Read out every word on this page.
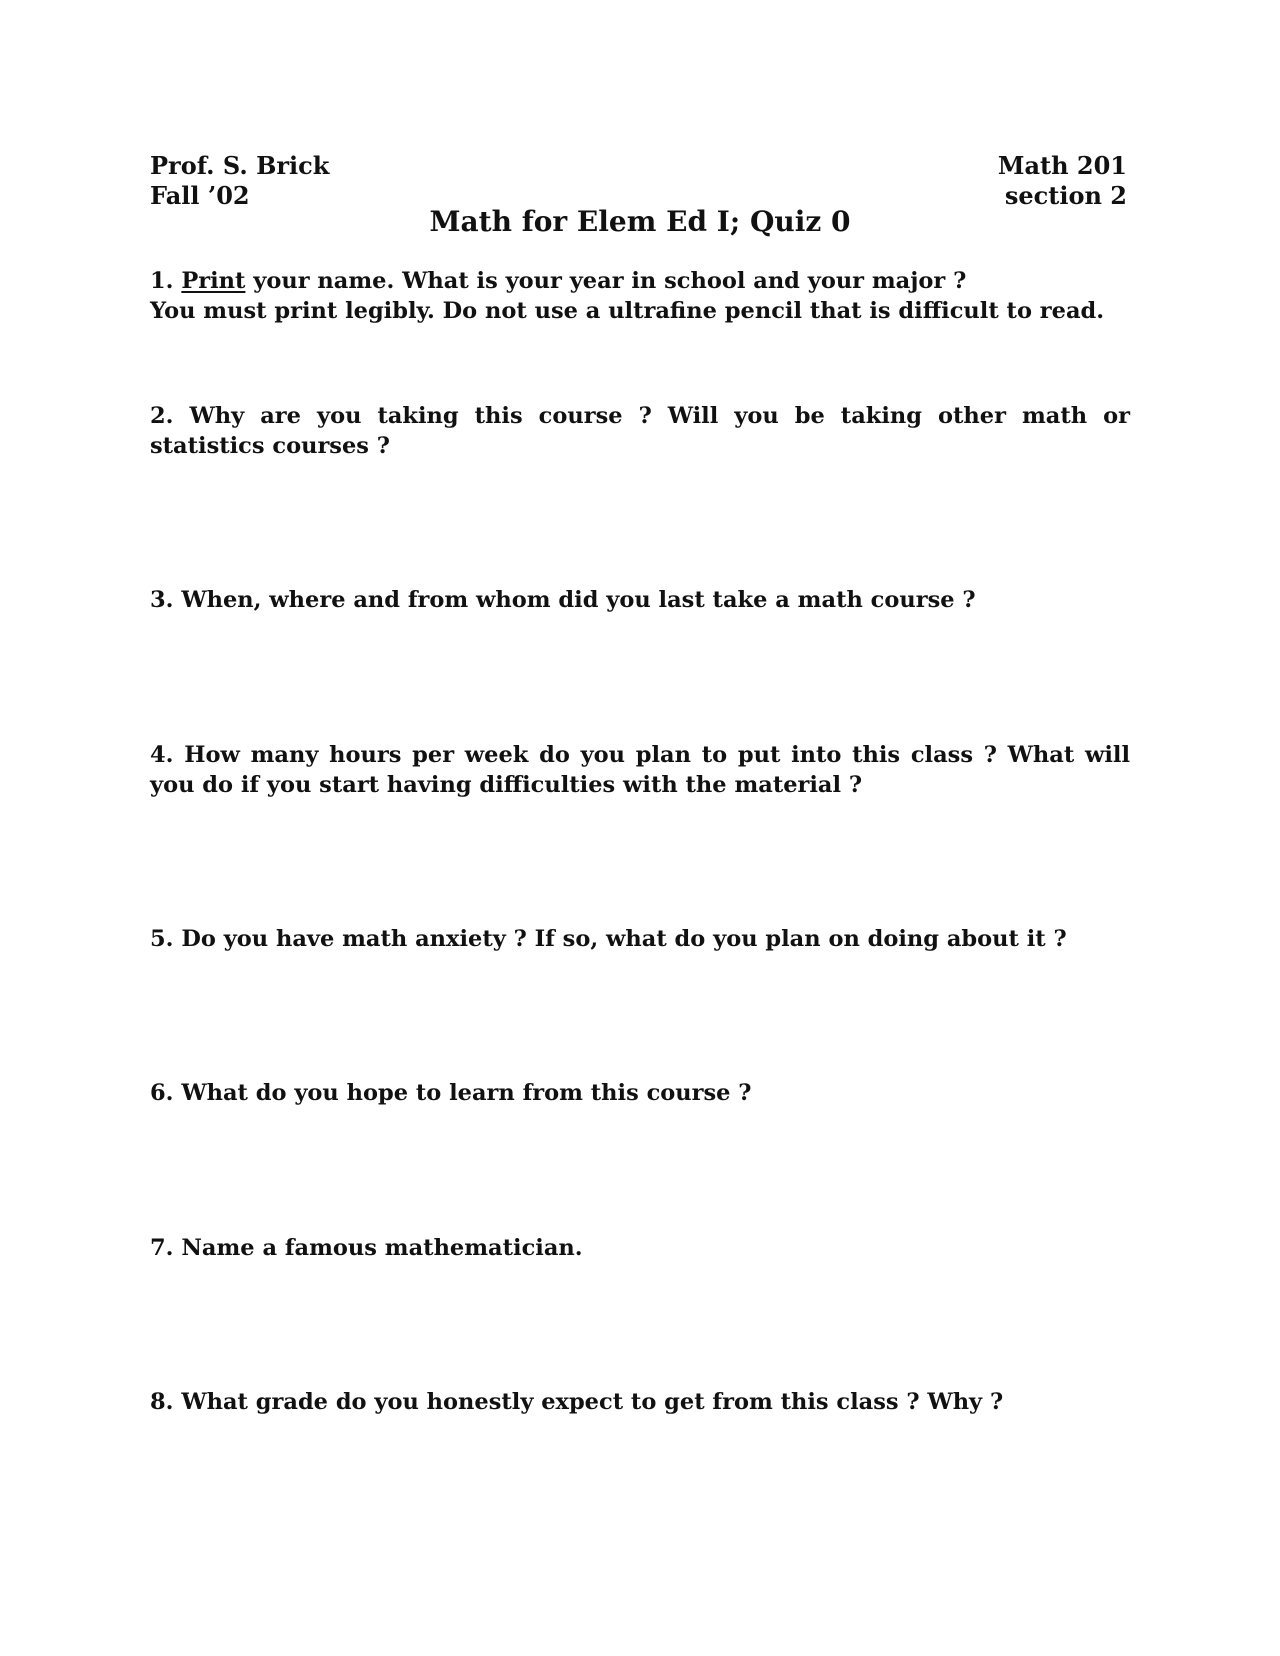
Prof. S. Brick
Fall ’02
Math 201
section 2
Math for Elem Ed I; Quiz 0

1. Print your name. What is your year in school and your major ?
You must print legibly. Do not use a ultrafine pencil that is difficult to read.

2. Why are you taking this course ? Will you be taking other math or statistics courses ?

3. When, where and from whom did you last take a math course ?

4. How many hours per week do you plan to put into this class ? What will you do if you start having difficulties with the material ?

5. Do you have math anxiety ? If so, what do you plan on doing about it ?

6. What do you hope to learn from this course ?

7. Name a famous mathematician.

8. What grade do you honestly expect to get from this class ? Why ?
